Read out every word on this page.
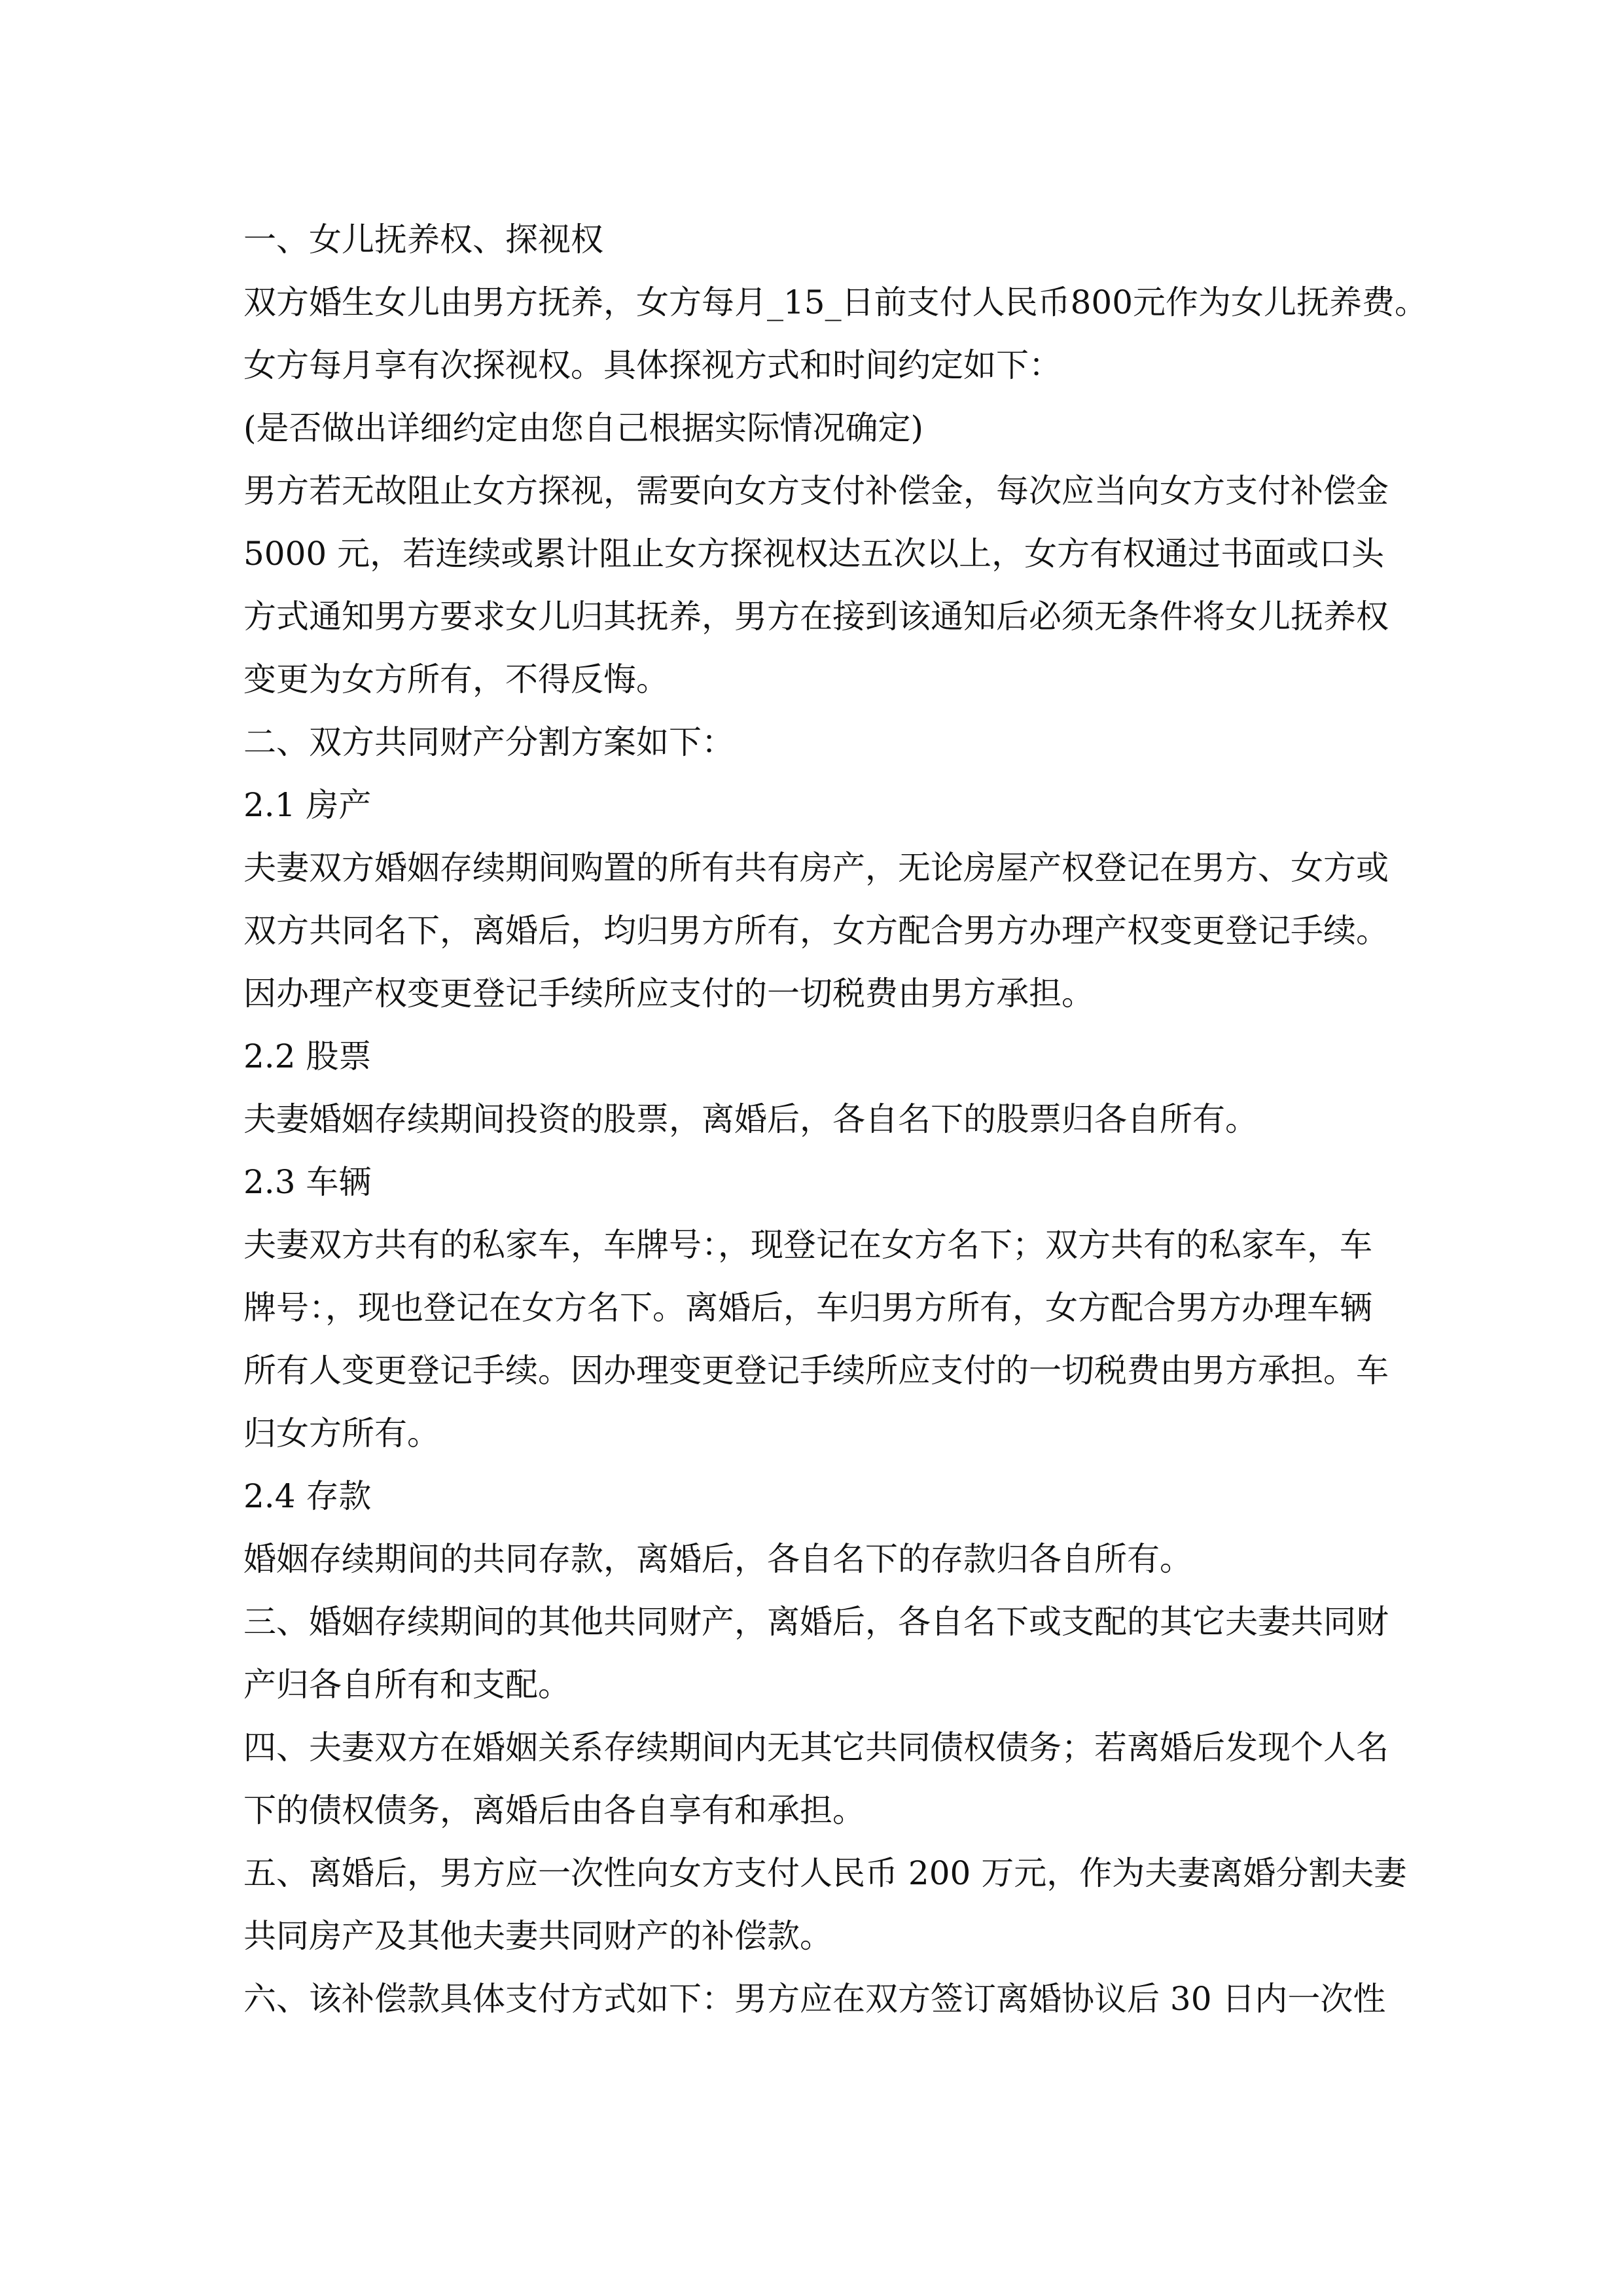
一、女儿抚养权、探视权
双方婚生女儿由男方抚养，女方每月_15_日前支付人民币800元作为女儿抚养费。
女方每月享有次探视权。具体探视方式和时间约定如下：
(是否做出详细约定由您自己根据实际情况确定)
男方若无故阻止女方探视，需要向女方支付补偿金，每次应当向女方支付补偿金
5000 元，若连续或累计阻止女方探视权达五次以上，女方有权通过书面或口头
方式通知男方要求女儿归其抚养，男方在接到该通知后必须无条件将女儿抚养权
变更为女方所有，不得反悔。
二、双方共同财产分割方案如下：
2.1 房产
夫妻双方婚姻存续期间购置的所有共有房产，无论房屋产权登记在男方、女方或
双方共同名下，离婚后，均归男方所有，女方配合男方办理产权变更登记手续。
因办理产权变更登记手续所应支付的一切税费由男方承担。
2.2 股票
夫妻婚姻存续期间投资的股票，离婚后，各自名下的股票归各自所有。
2.3 车辆
夫妻双方共有的私家车，车牌号：，现登记在女方名下；双方共有的私家车，车
牌号：，现也登记在女方名下。离婚后，车归男方所有，女方配合男方办理车辆
所有人变更登记手续。因办理变更登记手续所应支付的一切税费由男方承担。车
归女方所有。
2.4 存款
婚姻存续期间的共同存款，离婚后，各自名下的存款归各自所有。
三、婚姻存续期间的其他共同财产，离婚后，各自名下或支配的其它夫妻共同财
产归各自所有和支配。
四、夫妻双方在婚姻关系存续期间内无其它共同债权债务；若离婚后发现个人名
下的债权债务，离婚后由各自享有和承担。
五、离婚后，男方应一次性向女方支付人民币 200 万元，作为夫妻离婚分割夫妻
共同房产及其他夫妻共同财产的补偿款。
六、该补偿款具体支付方式如下：男方应在双方签订离婚协议后 30 日内一次性
